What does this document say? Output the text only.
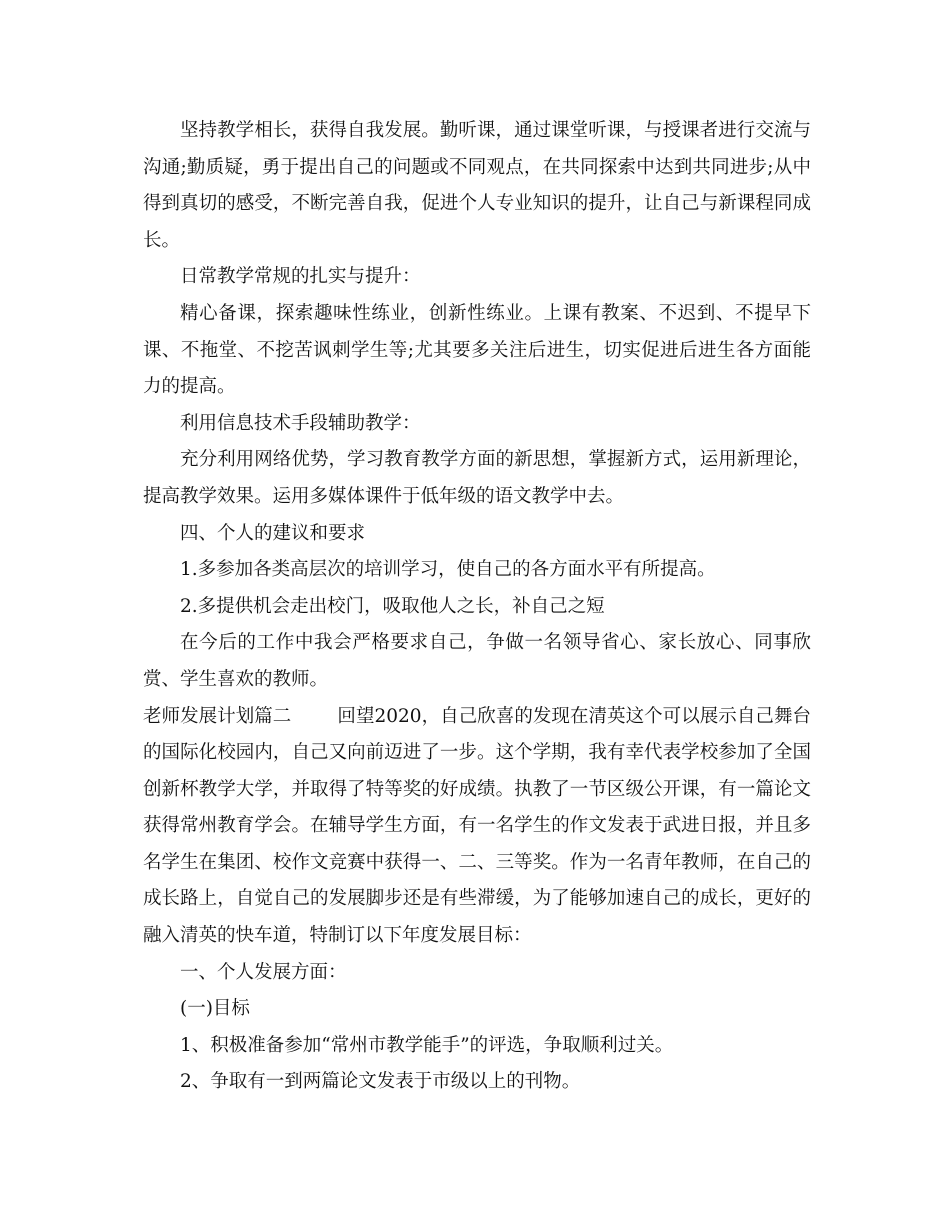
坚持教学相长，获得自我发展。勤听课，通过课堂听课，与授课者进行交流与沟通;勤质疑，勇于提出自己的问题或不同观点，在共同探索中达到共同进步;从中得到真切的感受，不断完善自我，促进个人专业知识的提升，让自己与新课程同成长。

日常教学常规的扎实与提升：

精心备课，探索趣味性练业，创新性练业。上课有教案、不迟到、不提早下课、不拖堂、不挖苦讽刺学生等;尤其要多关注后进生，切实促进后进生各方面能力的提高。

利用信息技术手段辅助教学：

充分利用网络优势，学习教育教学方面的新思想，掌握新方式，运用新理论，提高教学效果。运用多媒体课件于低年级的语文教学中去。

四、个人的建议和要求

1.多参加各类高层次的培训学习，使自己的各方面水平有所提高。

2.多提供机会走出校门，吸取他人之长，补自己之短

在今后的工作中我会严格要求自己，争做一名领导省心、家长放心、同事欣赏、学生喜欢的教师。

老师发展计划篇二 回望2020，自己欣喜的发现在清英这个可以展示自己舞台的国际化校园内，自己又向前迈进了一步。这个学期，我有幸代表学校参加了全国创新杯教学大学，并取得了特等奖的好成绩。执教了一节区级公开课，有一篇论文获得常州教育学会。在辅导学生方面，有一名学生的作文发表于武进日报，并且多名学生在集团、校作文竞赛中获得一、二、三等奖。作为一名青年教师，在自己的成长路上，自觉自己的发展脚步还是有些滞缓，为了能够加速自己的成长，更好的融入清英的快车道，特制订以下年度发展目标：

一、个人发展方面：

(一)目标

1、积极准备参加“常州市教学能手”的评选，争取顺利过关。

2、争取有一到两篇论文发表于市级以上的刊物。
